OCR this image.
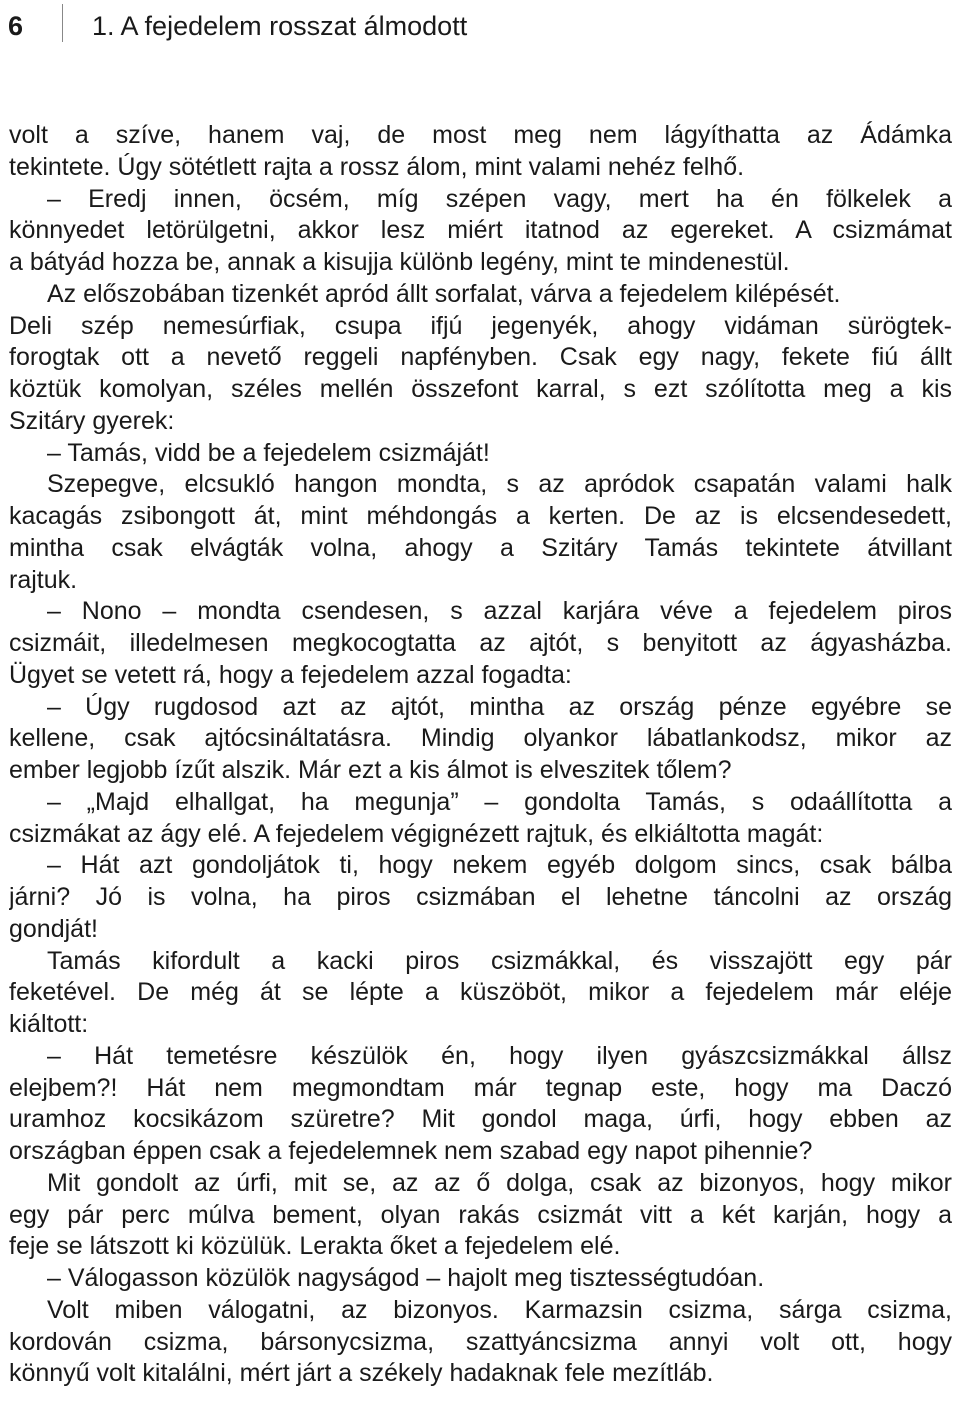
6	1. A fejedelem rosszat álmodott
volt a szíve, hanem vaj, de most meg nem lágyíthatta az Ádámka
tekintete. Úgy sötétlett rajta a rossz álom, mint valami nehéz felhő.
– Eredj innen, öcsém, míg szépen vagy, mert ha én fölkelek a
könnyedet letörülgetni, akkor lesz miért itatnod az egereket. A csizmámat
a bátyád hozza be, annak a kisujja különb legény, mint te mindenestül.
Az előszobában tizenkét apród állt sorfalat, várva a fejedelem kilépését.
Deli szép nemesúrfiak, csupa ifjú jegenyék, ahogy vidáman sürögtek-
forogtak ott a nevető reggeli napfényben. Csak egy nagy, fekete fiú állt
köztük komolyan, széles mellén összefont karral, s ezt szólította meg a kis
Szitáry gyerek:
– Tamás, vidd be a fejedelem csizmáját!
Szepegve, elcsukló hangon mondta, s az apródok csapatán valami halk
kacagás zsibongott át, mint méhdongás a kerten. De az is elcsendesedett,
mintha csak elvágták volna, ahogy a Szitáry Tamás tekintete átvillant
rajtuk.
– Nono – mondta csendesen, s azzal karjára véve a fejedelem piros
csizmáit, illedelmesen megkocogtatta az ajtót, s benyitott az ágyasházba.
Ügyet se vetett rá, hogy a fejedelem azzal fogadta:
– Úgy rugdosod azt az ajtót, mintha az ország pénze egyébre se
kellene, csak ajtócsináltatásra. Mindig olyankor lábatlankodsz, mikor az
ember legjobb ízűt alszik. Már ezt a kis álmot is elveszitek tőlem?
– „Majd elhallgat, ha megunja” – gondolta Tamás, s odaállította a
csizmákat az ágy elé. A fejedelem végignézett rajtuk, és elkiáltotta magát:
– Hát azt gondoljátok ti, hogy nekem egyéb dolgom sincs, csak bálba
járni? Jó is volna, ha piros csizmában el lehetne táncolni az ország
gondját!
Tamás kifordult a kacki piros csizmákkal, és visszajött egy pár
feketével. De még át se lépte a küszöböt, mikor a fejedelem már eléje
kiáltott:
– Hát temetésre készülök én, hogy ilyen gyászcsizmákkal állsz
elejbem?! Hát nem megmondtam már tegnap este, hogy ma Daczó
uramhoz kocsikázom szüretre? Mit gondol maga, úrfi, hogy ebben az
országban éppen csak a fejedelemnek nem szabad egy napot pihennie?
Mit gondolt az úrfi, mit se, az az ő dolga, csak az bizonyos, hogy mikor
egy pár perc múlva bement, olyan rakás csizmát vitt a két karján, hogy a
feje se látszott ki közülük. Lerakta őket a fejedelem elé.
– Válogasson közülök nagyságod – hajolt meg tisztességtudóan.
Volt miben válogatni, az bizonyos. Karmazsin csizma, sárga csizma,
kordován csizma, bársonycsizma, szattyáncsizma annyi volt ott, hogy
könnyű volt kitalálni, mért járt a székely hadaknak fele mezítláb.
